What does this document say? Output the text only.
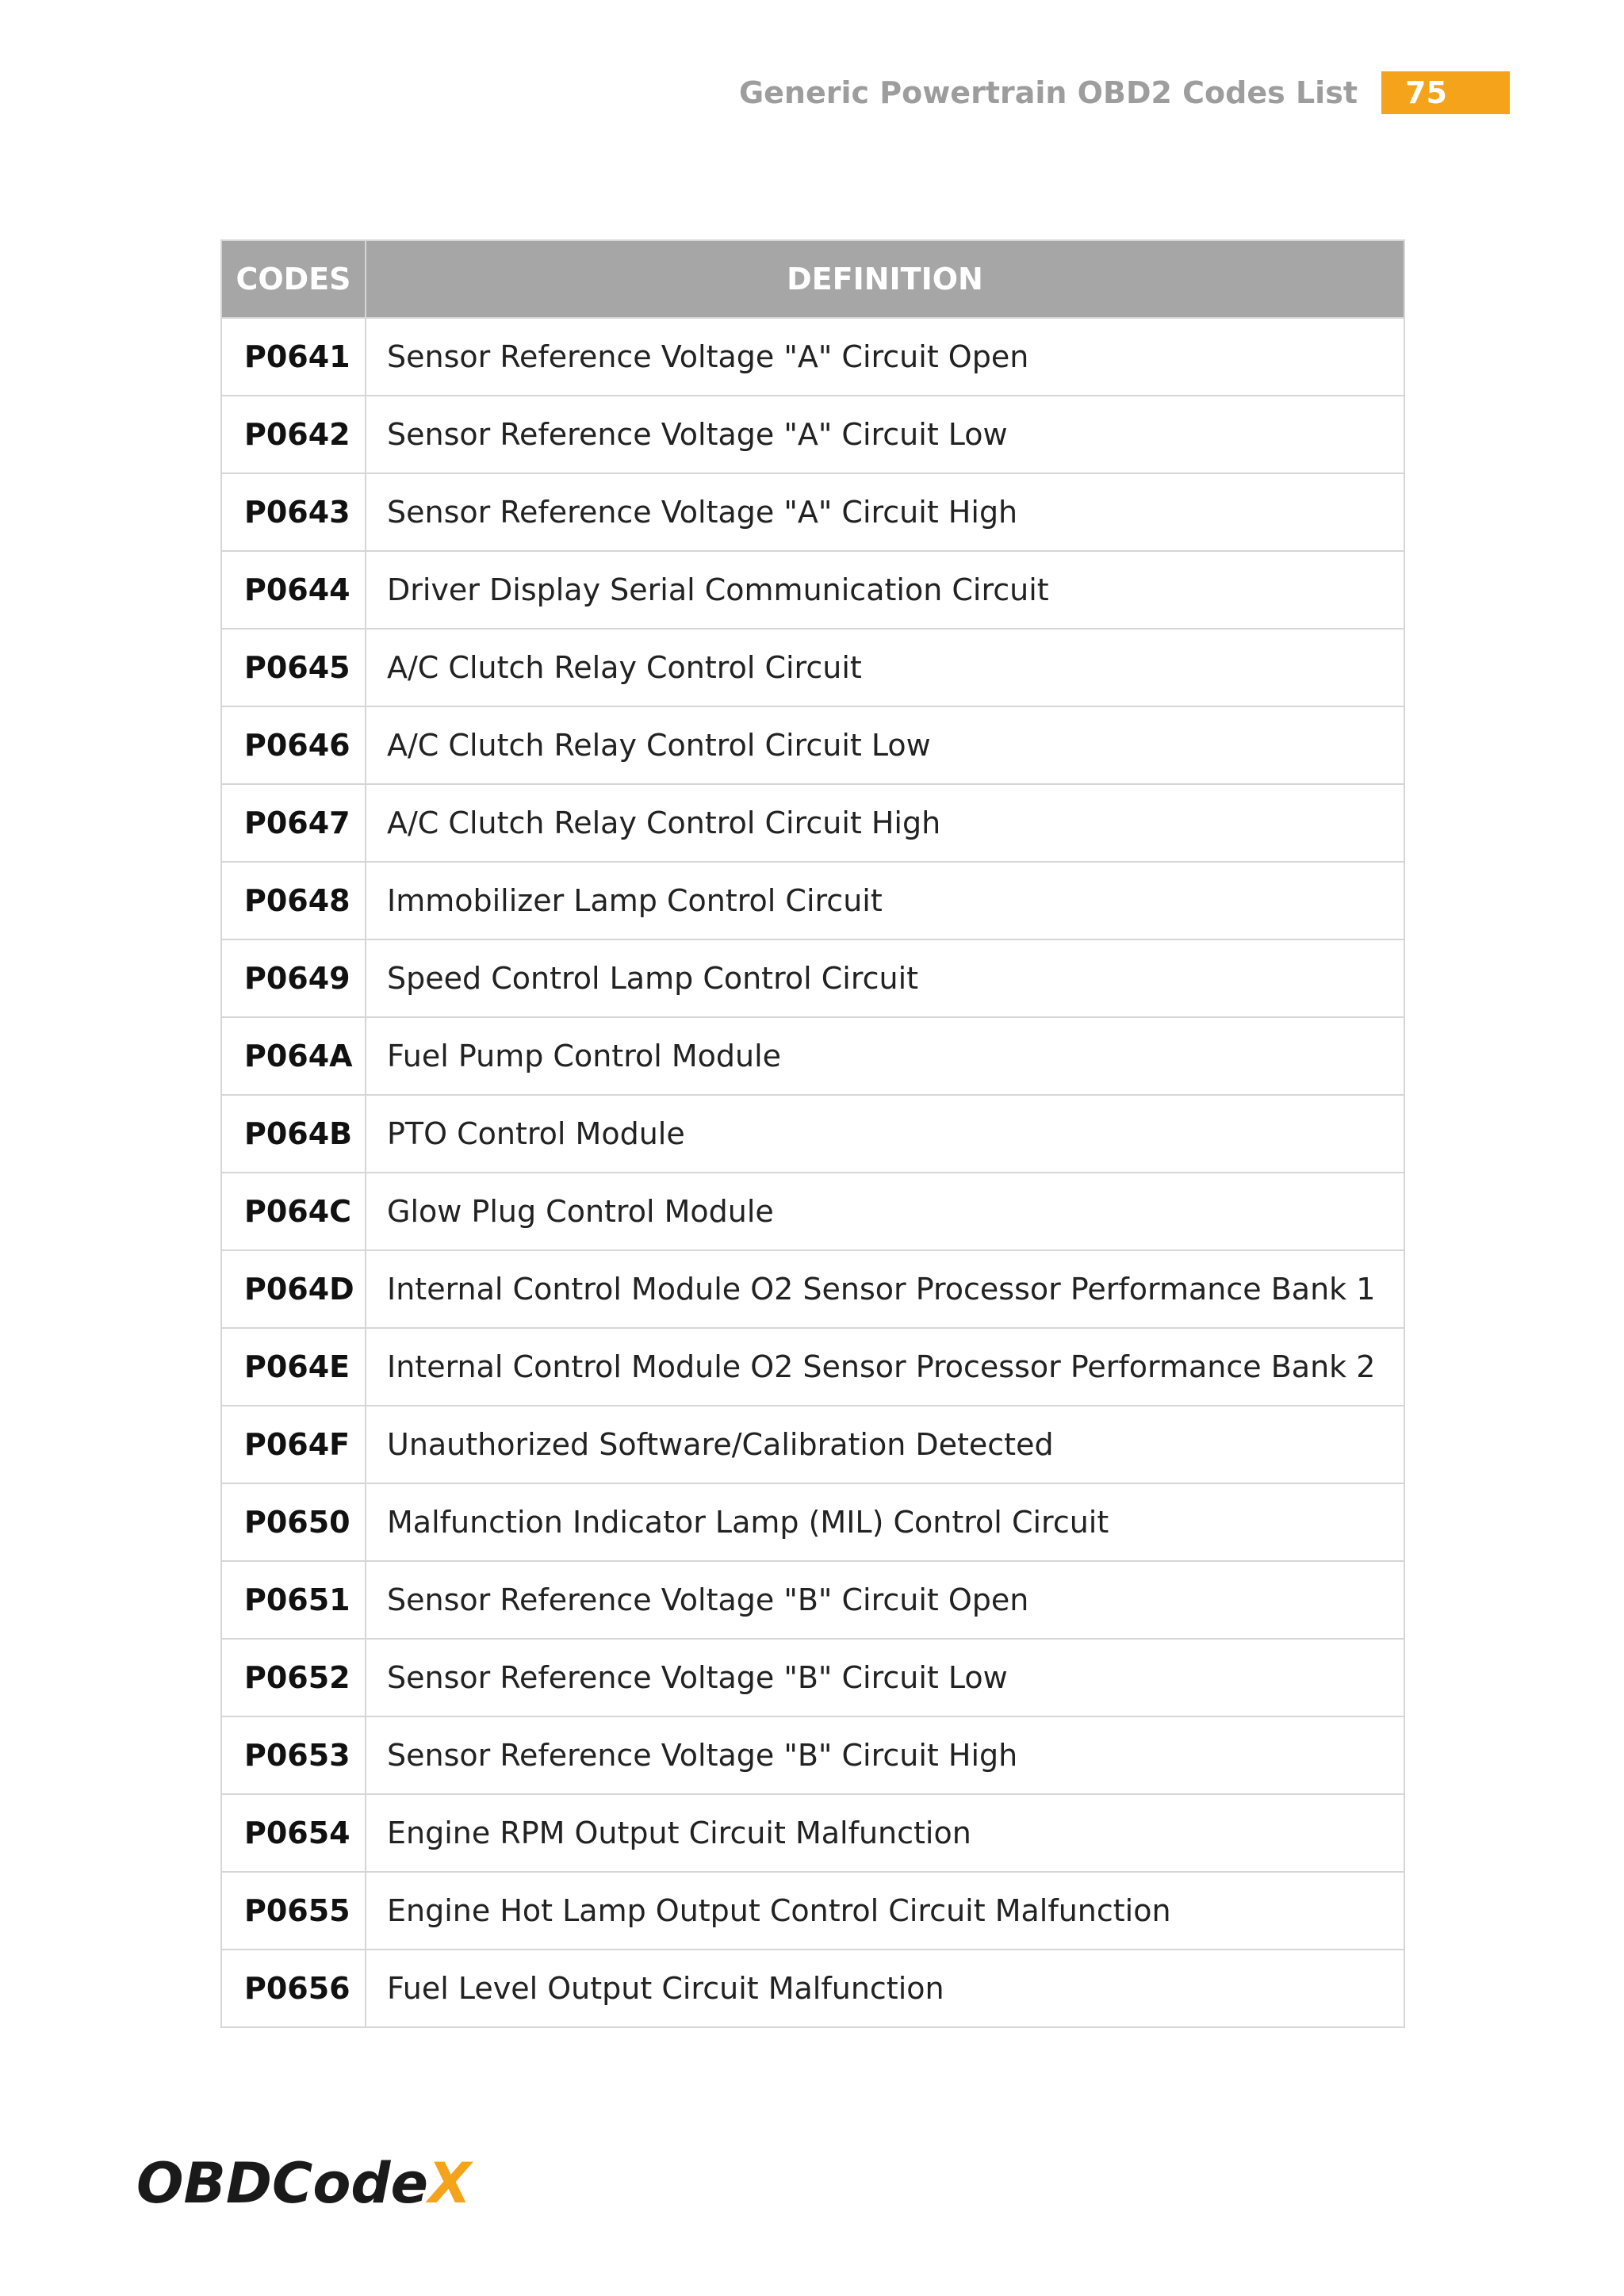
Generic Powertrain OBD2 Codes List	75
CODES	DEFINITION
P0641	Sensor Reference Voltage "A" Circuit Open
P0642	Sensor Reference Voltage "A" Circuit Low
P0643	Sensor Reference Voltage "A" Circuit High
P0644	Driver Display Serial Communication Circuit
P0645	A/C Clutch Relay Control Circuit
P0646	A/C Clutch Relay Control Circuit Low
P0647	A/C Clutch Relay Control Circuit High
P0648	Immobilizer Lamp Control Circuit
P0649	Speed Control Lamp Control Circuit
P064A	Fuel Pump Control Module
P064B	PTO Control Module
P064C	Glow Plug Control Module
P064D	Internal Control Module O2 Sensor Processor Performance Bank 1
P064E	Internal Control Module O2 Sensor Processor Performance Bank 2
P064F	Unauthorized Software/Calibration Detected
P0650	Malfunction Indicator Lamp (MIL) Control Circuit
P0651	Sensor Reference Voltage "B" Circuit Open
P0652	Sensor Reference Voltage "B" Circuit Low
P0653	Sensor Reference Voltage "B" Circuit High
P0654	Engine RPM Output Circuit Malfunction
P0655	Engine Hot Lamp Output Control Circuit Malfunction
P0656	Fuel Level Output Circuit Malfunction
OBDCodeX
